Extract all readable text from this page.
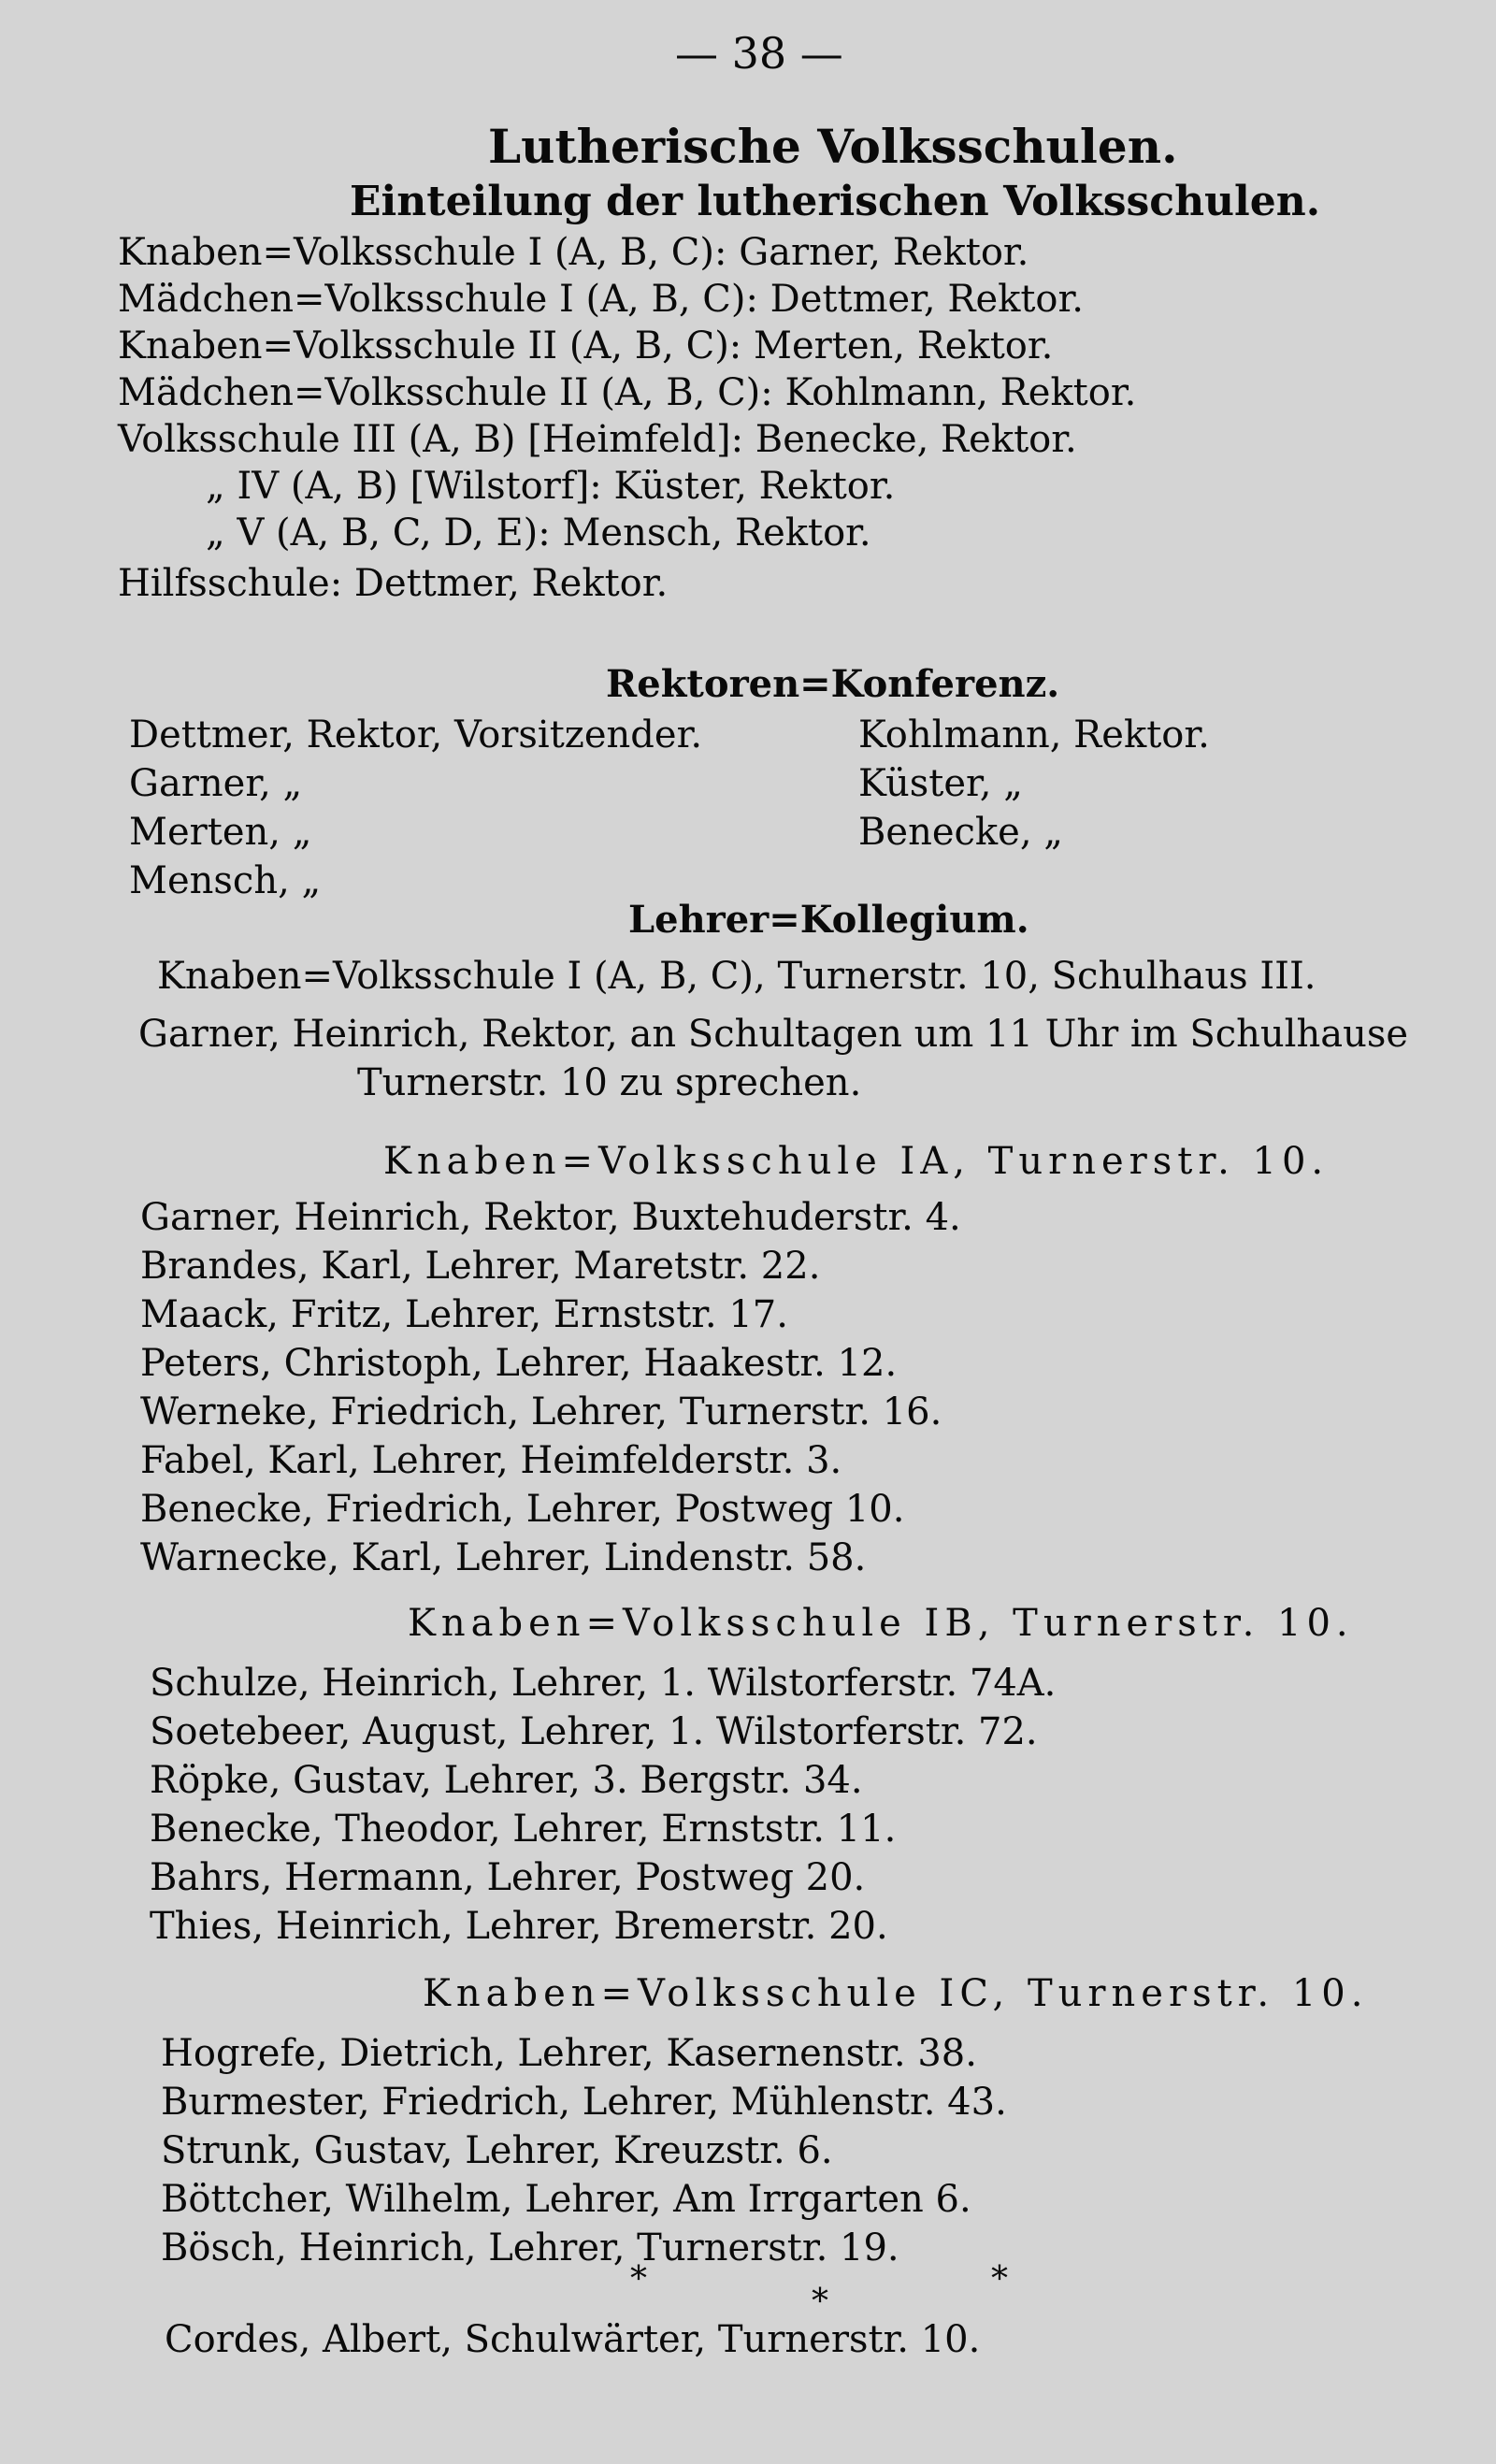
— 38 —
Lutherische Volksschulen.
Einteilung der lutherischen Volksschulen.
Knaben=Volksschule I (A, B, C): Garner, Rektor.
Mädchen=Volksschule I (A, B, C): Dettmer, Rektor.
Knaben=Volksschule II (A, B, C): Merten, Rektor.
Mädchen=Volksschule II (A, B, C): Kohlmann, Rektor.
Volksschule III (A, B) [Heimfeld]: Benecke, Rektor.
„ IV (A, B) [Wilstorf]: Küster, Rektor.
„ V (A, B, C, D, E): Mensch, Rektor.
Hilfsschule: Dettmer, Rektor.
Rektoren=Konferenz.
Dettmer, Rektor, Vorsitzender.
Garner, „
Merten, „
Mensch, „
Kohlmann, Rektor.
Küster, „
Benecke, „
Lehrer=Kollegium.
Knaben=Volksschule I (A, B, C), Turnerstr. 10, Schulhaus III.
Garner, Heinrich, Rektor, an Schultagen um 11 Uhr im Schulhause
Turnerstr. 10 zu sprechen.
Knaben=Volksschule IA, Turnerstr. 10.
Garner, Heinrich, Rektor, Buxtehuderstr. 4.
Brandes, Karl, Lehrer, Maretstr. 22.
Maack, Fritz, Lehrer, Ernststr. 17.
Peters, Christoph, Lehrer, Haakestr. 12.
Werneke, Friedrich, Lehrer, Turnerstr. 16.
Fabel, Karl, Lehrer, Heimfelderstr. 3.
Benecke, Friedrich, Lehrer, Postweg 10.
Warnecke, Karl, Lehrer, Lindenstr. 58.
Knaben=Volksschule IB, Turnerstr. 10.
Schulze, Heinrich, Lehrer, 1. Wilstorferstr. 74A.
Soetebeer, August, Lehrer, 1. Wilstorferstr. 72.
Röpke, Gustav, Lehrer, 3. Bergstr. 34.
Benecke, Theodor, Lehrer, Ernststr. 11.
Bahrs, Hermann, Lehrer, Postweg 20.
Thies, Heinrich, Lehrer, Bremerstr. 20.
Knaben=Volksschule IC, Turnerstr. 10.
Hogrefe, Dietrich, Lehrer, Kasernenstr. 38.
Burmester, Friedrich, Lehrer, Mühlenstr. 43.
Strunk, Gustav, Lehrer, Kreuzstr. 6.
Böttcher, Wilhelm, Lehrer, Am Irrgarten 6.
Bösch, Heinrich, Lehrer, Turnerstr. 19.
*
*
*
Cordes, Albert, Schulwärter, Turnerstr. 10.
